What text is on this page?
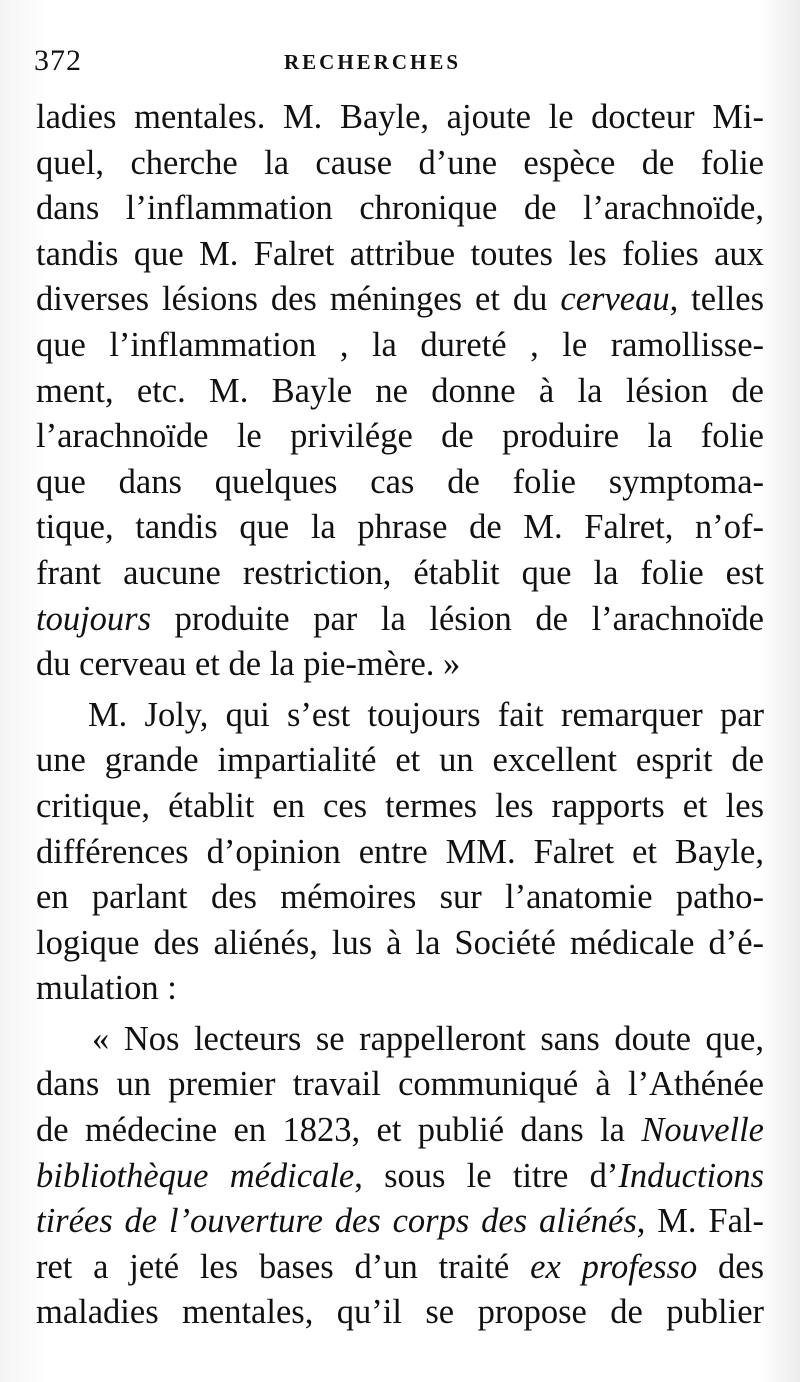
372	RECHERCHES
ladies mentales. M. Bayle, ajoute le docteur Mi-
quel, cherche la cause d’une espèce de folie
dans l’inflammation chronique de l’arachnoïde,
tandis que M. Falret attribue toutes les folies aux
diverses lésions des méninges et du cerveau, telles
que l’inflammation , la dureté , le ramollisse-
ment, etc. M. Bayle ne donne à la lésion de
l’arachnoïde le privilége de produire la folie
que dans quelques cas de folie symptoma-
tique, tandis que la phrase de M. Falret, n’of-
frant aucune restriction, établit que la folie est
toujours produite par la lésion de l’arachnoïde
du cerveau et de la pie-mère. »
M. Joly, qui s’est toujours fait remarquer par
une grande impartialité et un excellent esprit de
critique, établit en ces termes les rapports et les
différences d’opinion entre MM. Falret et Bayle,
en parlant des mémoires sur l’anatomie patho-
logique des aliénés, lus à la Société médicale d’é-
mulation :
« Nos lecteurs se rappelleront sans doute que,
dans un premier travail communiqué à l’Athénée
de médecine en 1823, et publié dans la Nouvelle
bibliothèque médicale, sous le titre d’Inductions
tirées de l’ouverture des corps des aliénés, M. Fal-
ret a jeté les bases d’un traité ex professo des
maladies mentales, qu’il se propose de publier
